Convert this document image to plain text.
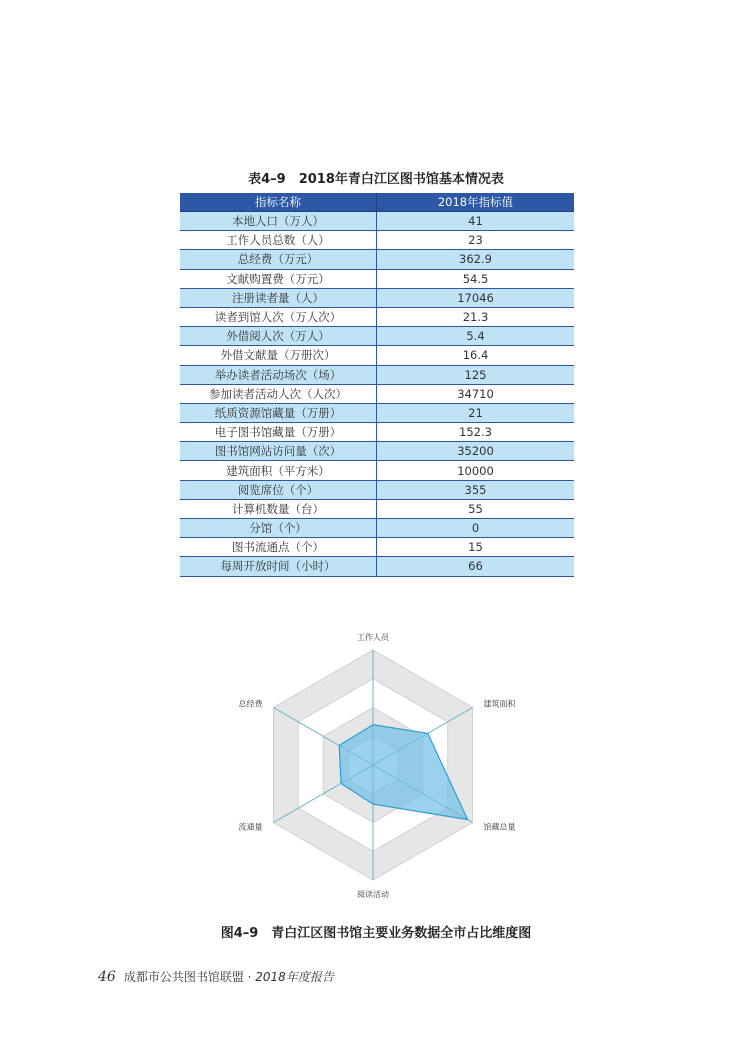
表4–9　2018年青白江区图书馆基本情况表
指标名称	2018年指标值
本地人口（万人）	41
工作人员总数（人）	23
总经费（万元）	362.9
文献购置费（万元）	54.5
注册读者量（人）	17046
读者到馆人次（万人次）	21.3
外借阅人次（万人）	5.4
外借文献量（万册次）	16.4
举办读者活动场次（场）	125
参加读者活动人次（人次）	34710
纸质资源馆藏量（万册）	21
电子图书馆藏量（万册）	152.3
图书馆网站访问量（次）	35200
建筑面积（平方米）	10000
阅览席位（个）	355
计算机数量（台）	55
分馆（个）	0
图书流通点（个）	15
每周开放时间（小时）	66
工作人员
建筑面积
馆藏总量
阅读活动
流通量
总经费
图4–9　青白江区图书馆主要业务数据全市占比维度图
46 成都市公共图书馆联盟 · 2018年度报告
